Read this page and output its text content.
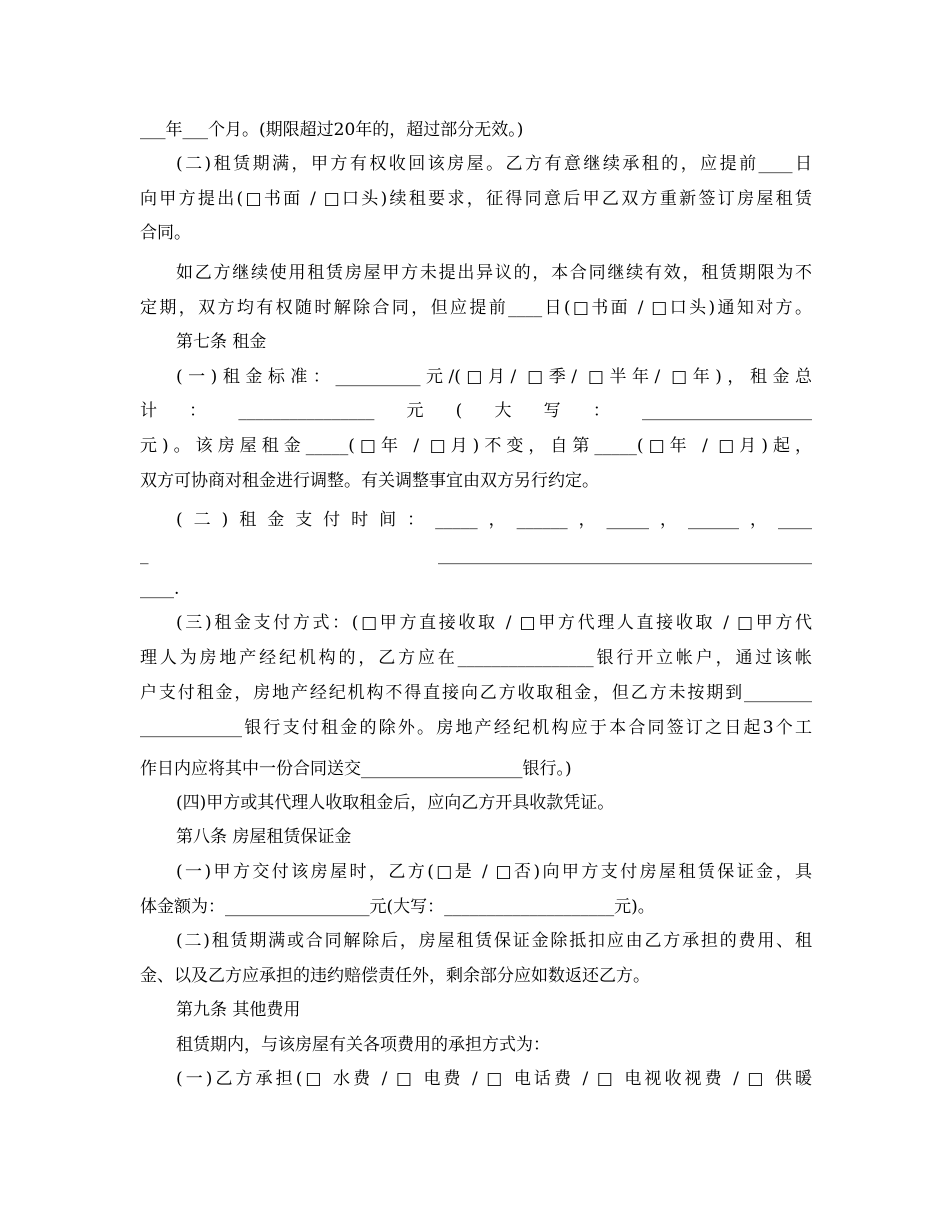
___年___个月。(期限超过20年的，超过部分无效。)
(二)租赁期满，甲方有权收回该房屋。乙方有意继续承租的，应提前____日
向甲方提出(□书面 / □口头)续租要求，征得同意后甲乙双方重新签订房屋租赁
合同。
如乙方继续使用租赁房屋甲方未提出异议的，本合同继续有效，租赁期限为不
定期，双方均有权随时解除合同，但应提前____日(□书面 / □口头)通知对方。
第七条 租金
(一)租金标准：__________元/(□月/ □季/ □半年/ □年)，租金总
计：________________元(大写：____________________
元)。该房屋租金_____(□年 / □月)不变，自第_____(□年 / □月)起，
双方可协商对租金进行调整。有关调整事宜由双方另行约定。
(二)租金支付时间：_____，______，_____，______，____
_ ____________________________________________
____.
(三)租金支付方式：(□甲方直接收取 / □甲方代理人直接收取 / □甲方代
理人为房地产经纪机构的，乙方应在________________银行开立帐户，通过该帐
户支付租金，房地产经纪机构不得直接向乙方收取租金，但乙方未按期到________
____________银行支付租金的除外。房地产经纪机构应于本合同签订之日起3个工
作日内应将其中一份合同送交___________________银行。)
(四)甲方或其代理人收取租金后，应向乙方开具收款凭证。
第八条 房屋租赁保证金
(一)甲方交付该房屋时，乙方(□是 / □否)向甲方支付房屋租赁保证金，具
体金额为：_________________元(大写：____________________元)。
(二)租赁期满或合同解除后，房屋租赁保证金除抵扣应由乙方承担的费用、租
金、以及乙方应承担的违约赔偿责任外，剩余部分应如数返还乙方。
第九条 其他费用
租赁期内，与该房屋有关各项费用的承担方式为：
(一)乙方承担(□ 水费 / □ 电费 / □ 电话费 / □ 电视收视费 / □ 供暖
